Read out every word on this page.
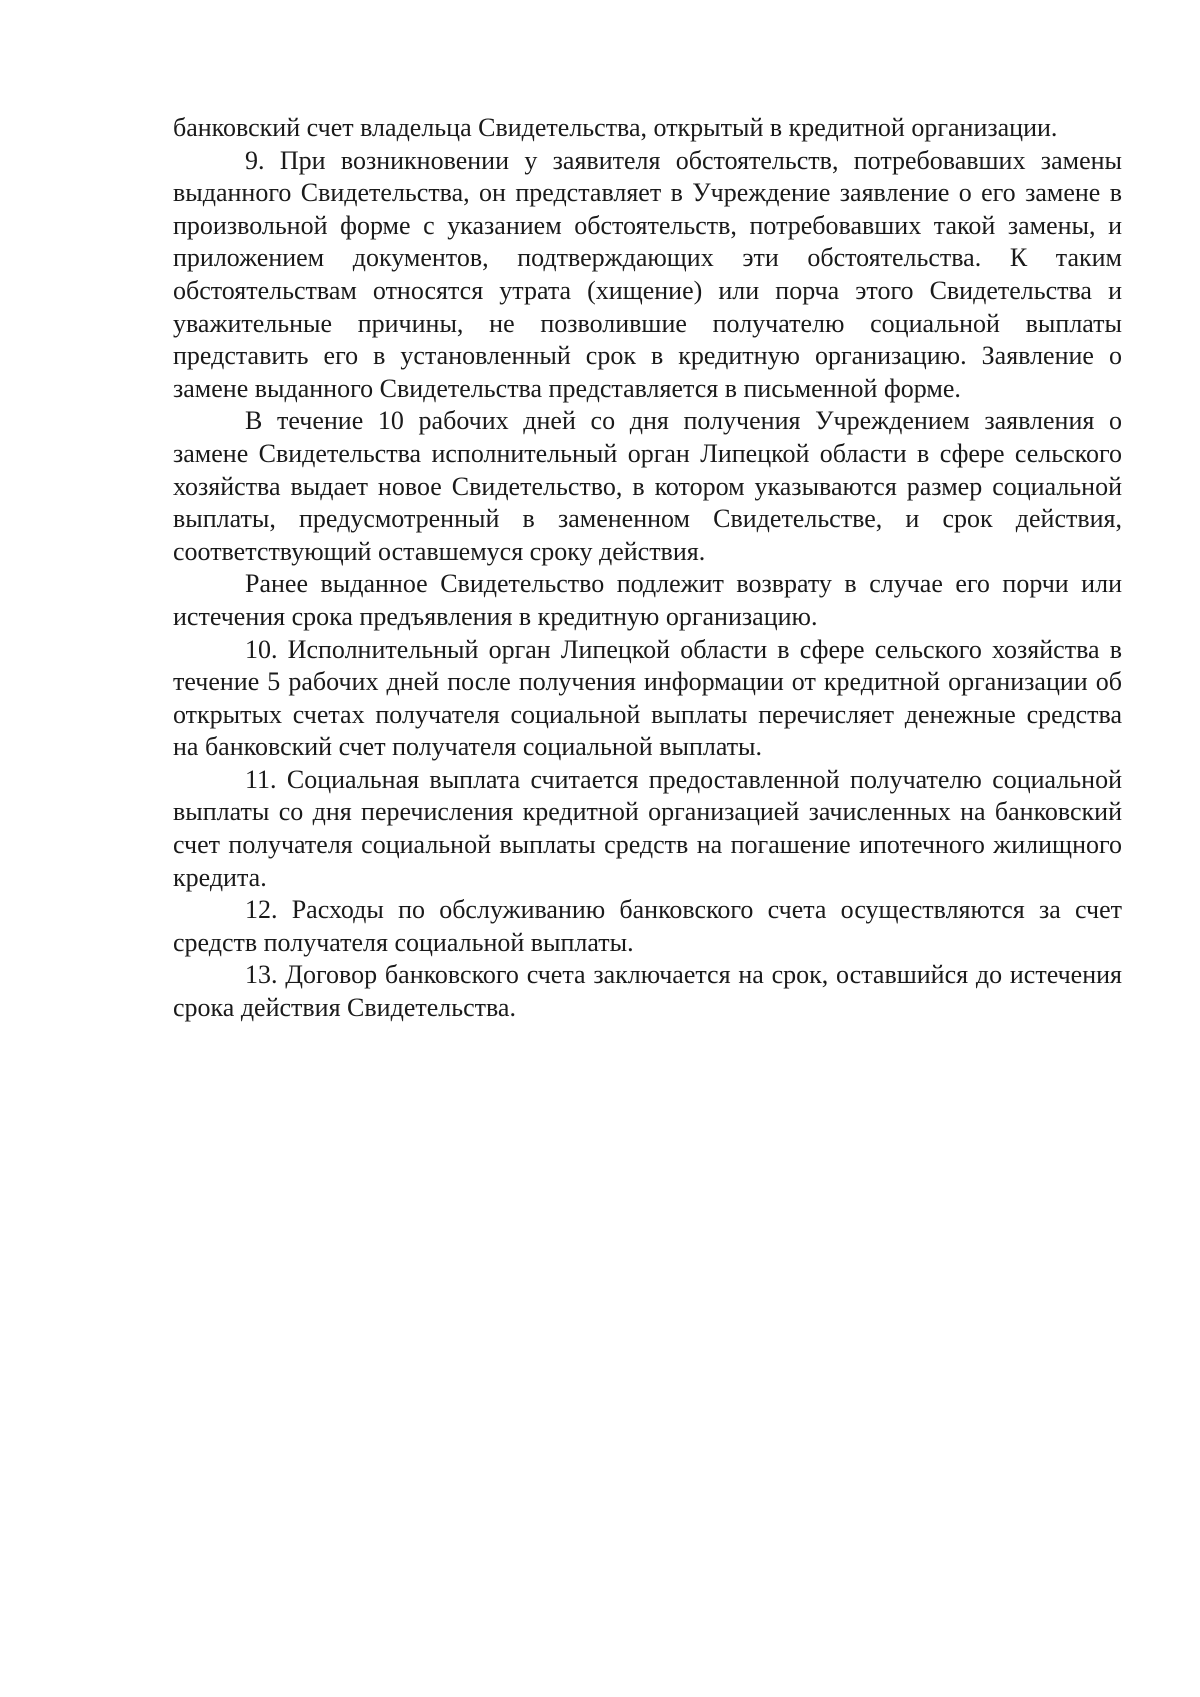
банковский счет владельца Свидетельства, открытый в кредитной организации.

9. При возникновении у заявителя обстоятельств, потребовавших замены выданного Свидетельства, он представляет в Учреждение заявление о его замене в произвольной форме с указанием обстоятельств, потребовавших такой замены, и приложением документов, подтверждающих эти обстоятельства. К таким обстоятельствам относятся утрата (хищение) или порча этого Свидетельства и уважительные причины, не позволившие получателю социальной выплаты представить его в установленный срок в кредитную организацию. Заявление о замене выданного Свидетельства представляется в письменной форме.

В течение 10 рабочих дней со дня получения Учреждением заявления о замене Свидетельства исполнительный орган Липецкой области в сфере сельского хозяйства выдает новое Свидетельство, в котором указываются размер социальной выплаты, предусмотренный в замененном Свидетельстве, и срок действия, соответствующий оставшемуся сроку действия.

Ранее выданное Свидетельство подлежит возврату в случае его порчи или истечения срока предъявления в кредитную организацию.

10. Исполнительный орган Липецкой области в сфере сельского хозяйства в течение 5 рабочих дней после получения информации от кредитной организации об открытых счетах получателя социальной выплаты перечисляет денежные средства на банковский счет получателя социальной выплаты.

11. Социальная выплата считается предоставленной получателю социальной выплаты со дня перечисления кредитной организацией зачисленных на банковский счет получателя социальной выплаты средств на погашение ипотечного жилищного кредита.

12. Расходы по обслуживанию банковского счета осуществляются за счет средств получателя социальной выплаты.

13. Договор банковского счета заключается на срок, оставшийся до истечения срока действия Свидетельства.
